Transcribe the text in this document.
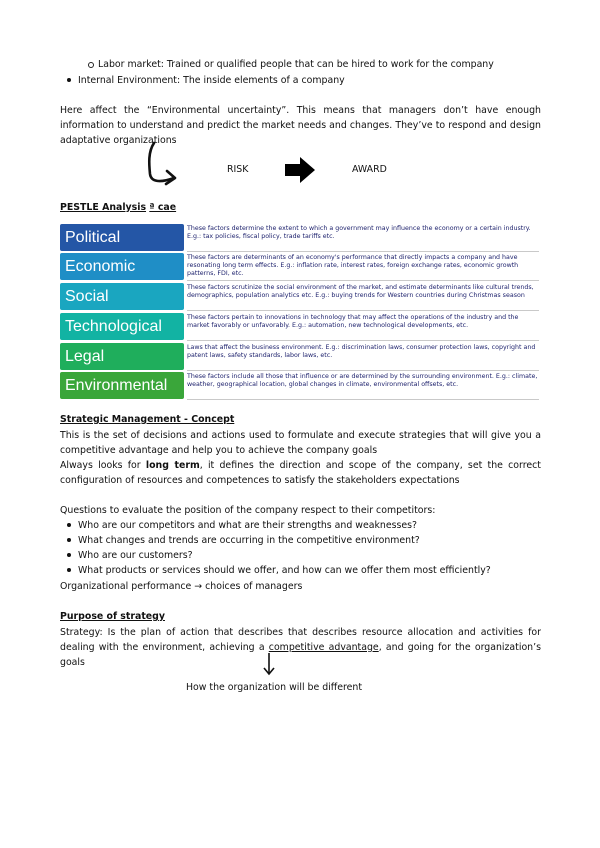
Labor market: Trained or qualified people that can be hired to work for the company
Internal Environment: The inside elements of a company
Here affect the “Environmental uncertainty”. This means that managers don’t have enough information to understand and predict the market needs and changes. They’ve to respond and design adaptative organizations
RISK	AWARD
PESTLE Analysis ª cae
Political
These factors determine the extent to which a government may influence the economy or a certain industry. E.g.: tax policies, fiscal policy, trade tariffs etc.
Economic
These factors are determinants of an economy's performance that directly impacts a company and have resonating long term effects. E.g.: inflation rate, interest rates, foreign exchange rates, economic growth patterns, FDI, etc.
Social
These factors scrutinize the social environment of the market, and estimate determinants like cultural trends, demographics, population analytics etc. E.g.: buying trends for Western countries during Christmas season
Technological
These factors pertain to innovations in technology that may affect the operations of the industry and the market favorably or unfavorably. E.g.: automation, new technological developments, etc.
Legal
Laws that affect the business environment. E.g.: discrimination laws, consumer protection laws, copyright and patent laws, safety standards, labor laws, etc.
Environmental
These factors include all those that influence or are determined by the surrounding environment. E.g.: climate, weather, geographical location, global changes in climate, environmental offsets, etc.
Strategic Management - Concept
This is the set of decisions and actions used to formulate and execute strategies that will give you a competitive advantage and help you to achieve the company goals
Always looks for long term, it defines the direction and scope of the company, set the correct configuration of resources and competences to satisfy the stakeholders expectations
Questions to evaluate the position of the company respect to their competitors:
Who are our competitors and what are their strengths and weaknesses?
What changes and trends are occurring in the competitive environment?
Who are our customers?
What products or services should we offer, and how can we offer them most efficiently?
Organizational performance → choices of managers
Purpose of strategy
Strategy: Is the plan of action that describes that describes resource allocation and activities for dealing with the environment, achieving a competitive advantage, and going for the organization’s goals
How the organization will be different
